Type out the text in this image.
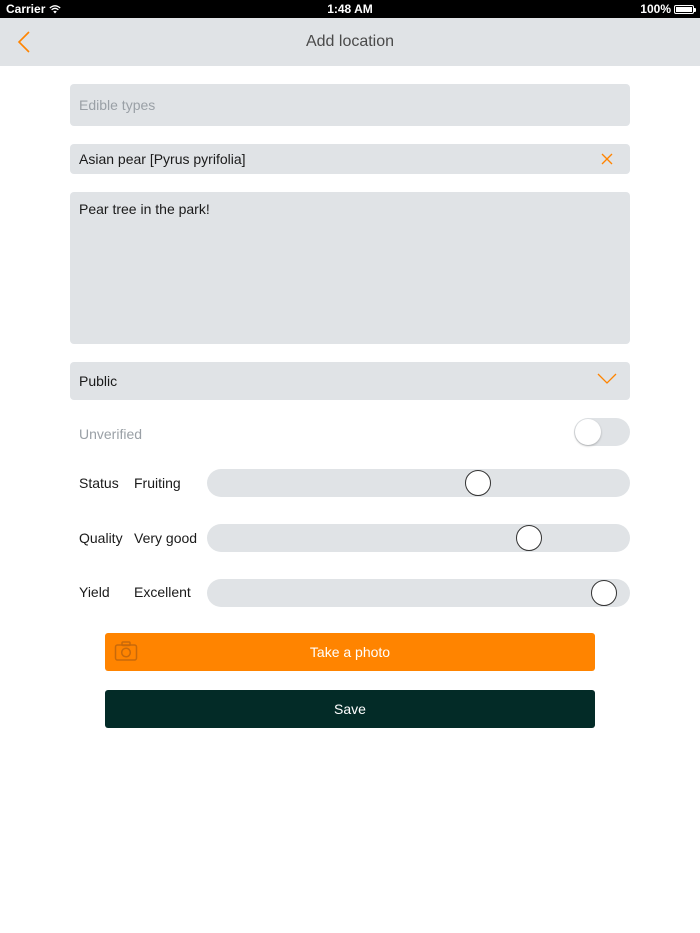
Carrier	1:48 AM	100%
Add location
Edible types
Asian pear [Pyrus pyrifolia]
Pear tree in the park!
Public
Unverified
Status Fruiting
Quality Very good
Yield Excellent
Take a photo
Save
